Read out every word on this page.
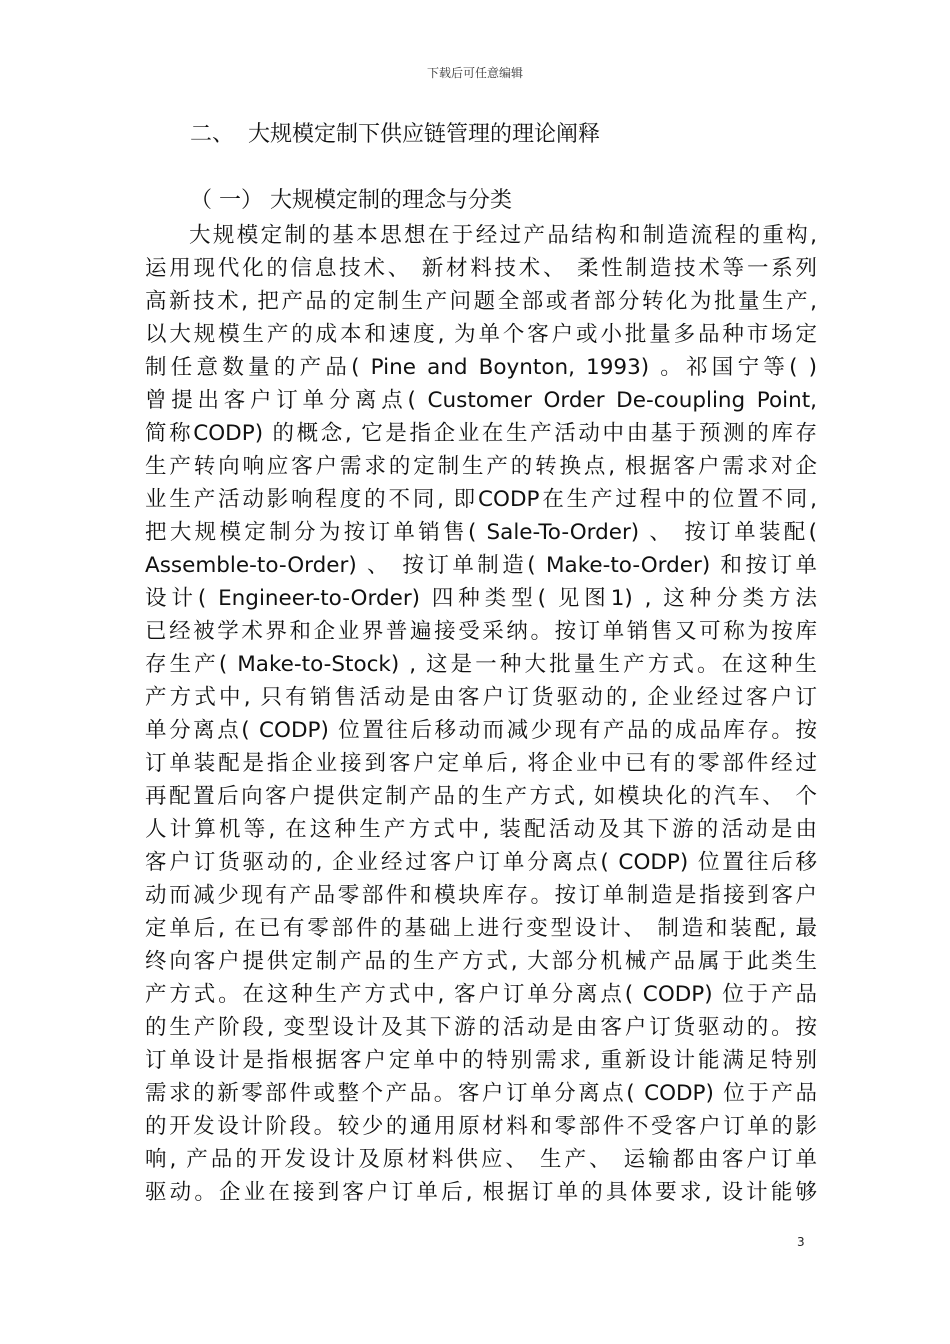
下载后可任意编辑
二、 大规模定制下供应链管理的理论阐释
（ 一） 大规模定制的理念与分类
大规模定制的基本思想在于经过产品结构和制造流程的重构,
运用现代化的信息技术、 新材料技术、 柔性制造技术等一系列
高新技术, 把产品的定制生产问题全部或者部分转化为批量生产,
以大规模生产的成本和速度, 为单个客户或小批量多品种市场定
制任意数量的产品( Pine and Boynton, 1993) 。祁国宁等( )
曾提出客户订单分离点( Customer Order De-coupling Point,
简称CODP) 的概念, 它是指企业在生产活动中由基于预测的库存
生产转向响应客户需求的定制生产的转换点, 根据客户需求对企
业生产活动影响程度的不同, 即CODP在生产过程中的位置不同,
把大规模定制分为按订单销售( Sale-To-Order) 、 按订单装配(
Assemble-to-Order) 、 按订单制造( Make-to-Order) 和按订单
设计( Engineer-to-Order) 四种类型( 见图1) , 这种分类方法
已经被学术界和企业界普遍接受采纳。按订单销售又可称为按库
存生产( Make-to-Stock) , 这是一种大批量生产方式。在这种生
产方式中, 只有销售活动是由客户订货驱动的, 企业经过客户订
单分离点( CODP) 位置往后移动而减少现有产品的成品库存。按
订单装配是指企业接到客户定单后, 将企业中已有的零部件经过
再配置后向客户提供定制产品的生产方式, 如模块化的汽车、 个
人计算机等, 在这种生产方式中, 装配活动及其下游的活动是由
客户订货驱动的, 企业经过客户订单分离点( CODP) 位置往后移
动而减少现有产品零部件和模块库存。按订单制造是指接到客户
定单后, 在已有零部件的基础上进行变型设计、 制造和装配, 最
终向客户提供定制产品的生产方式, 大部分机械产品属于此类生
产方式。在这种生产方式中, 客户订单分离点( CODP) 位于产品
的生产阶段, 变型设计及其下游的活动是由客户订货驱动的。按
订单设计是指根据客户定单中的特别需求, 重新设计能满足特别
需求的新零部件或整个产品。客户订单分离点( CODP) 位于产品
的开发设计阶段。较少的通用原材料和零部件不受客户订单的影
响, 产品的开发设计及原材料供应、 生产、 运输都由客户订单
驱动。企业在接到客户订单后, 根据订单的具体要求, 设计能够
3
